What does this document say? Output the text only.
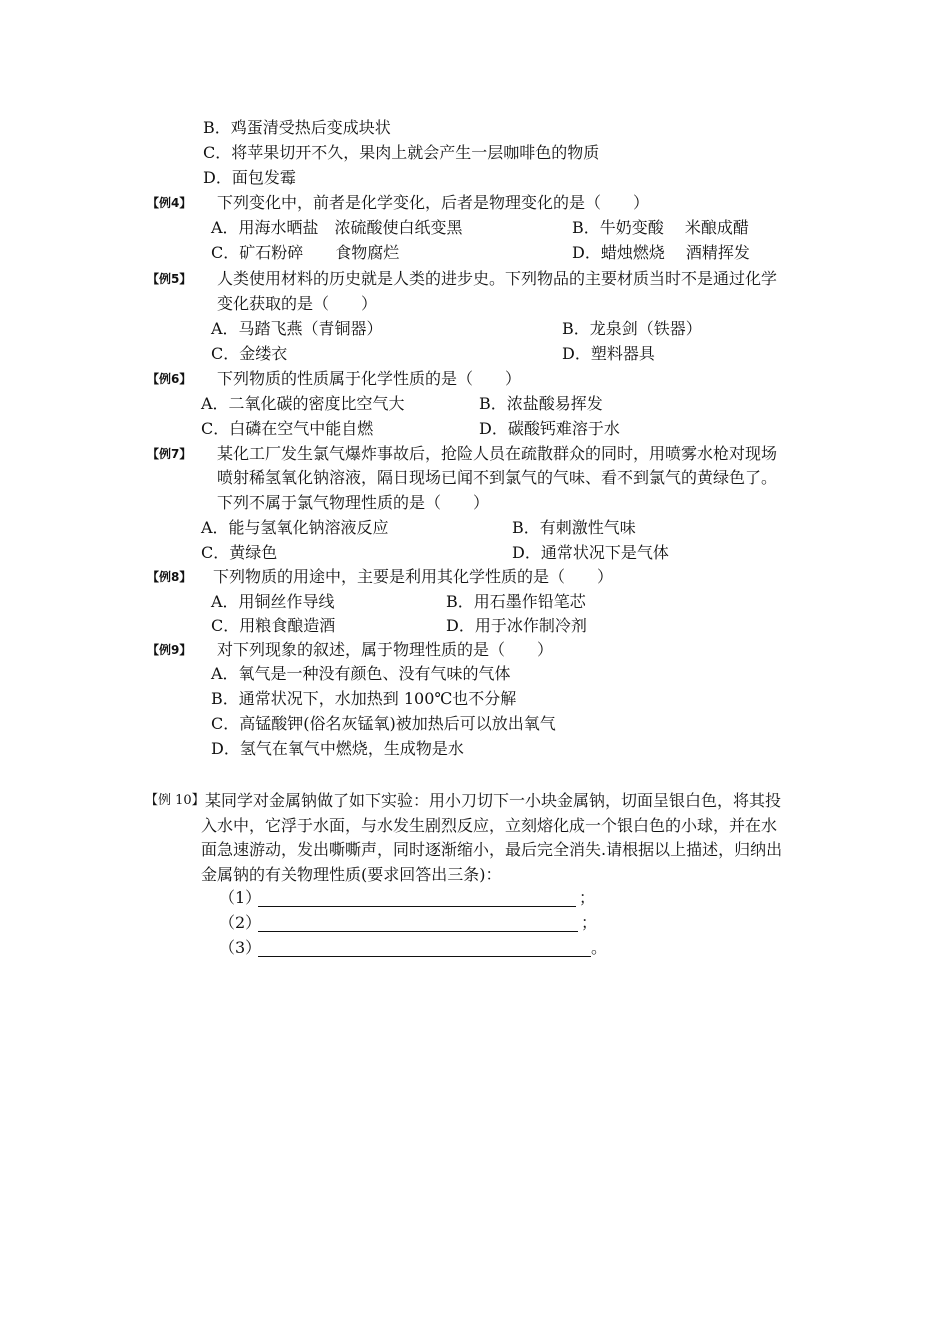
B．鸡蛋清受热后变成块状
C．将苹果切开不久，果肉上就会产生一层咖啡色的物质
D．面包发霉
【例4】 下列变化中，前者是化学变化，后者是物理变化的是（　　）
A．用海水晒盐　浓硫酸使白纸变黑	B．牛奶变酸　 米酿成醋
C．矿石粉碎　　食物腐烂	D．蜡烛燃烧　 酒精挥发
【例5】 人类使用材料的历史就是人类的进步史。下列物品的主要材质当时不是通过化学
变化获取的是（　　）
A．马踏飞燕（青铜器）	B．龙泉剑（铁器）
C．金缕衣	D．塑料器具
【例6】 下列物质的性质属于化学性质的是（　　）
A．二氧化碳的密度比空气大	B．浓盐酸易挥发
C．白磷在空气中能自燃	D．碳酸钙难溶于水
【例7】 某化工厂发生氯气爆炸事故后，抢险人员在疏散群众的同时，用喷雾水枪对现场
喷射稀氢氧化钠溶液，隔日现场已闻不到氯气的气味、看不到氯气的黄绿色了。
下列不属于氯气物理性质的是（　　）
A．能与氢氧化钠溶液反应	B．有刺激性气味
C．黄绿色	D．通常状况下是气体
【例8】 下列物质的用途中，主要是利用其化学性质的是（　　）
A．用铜丝作导线	B．用石墨作铅笔芯
C．用粮食酿造酒	D．用于冰作制冷剂
【例9】 对下列现象的叙述，属于物理性质的是（　　）
A．氧气是一种没有颜色、没有气味的气体
B．通常状况下，水加热到 100℃也不分解
C．高锰酸钾(俗名灰锰氧)被加热后可以放出氧气
D．氢气在氧气中燃烧，生成物是水
【例 10】 某同学对金属钠做了如下实验：用小刀切下一小块金属钠，切面呈银白色，将其投
入水中，它浮于水面，与水发生剧烈反应，立刻熔化成一个银白色的小球，并在水
面急速游动，发出嘶嘶声，同时逐渐缩小，最后完全消失.请根据以上描述，归纳出
金属钠的有关物理性质(要求回答出三条)：
（1）	；
（2）	；
（3）	。
